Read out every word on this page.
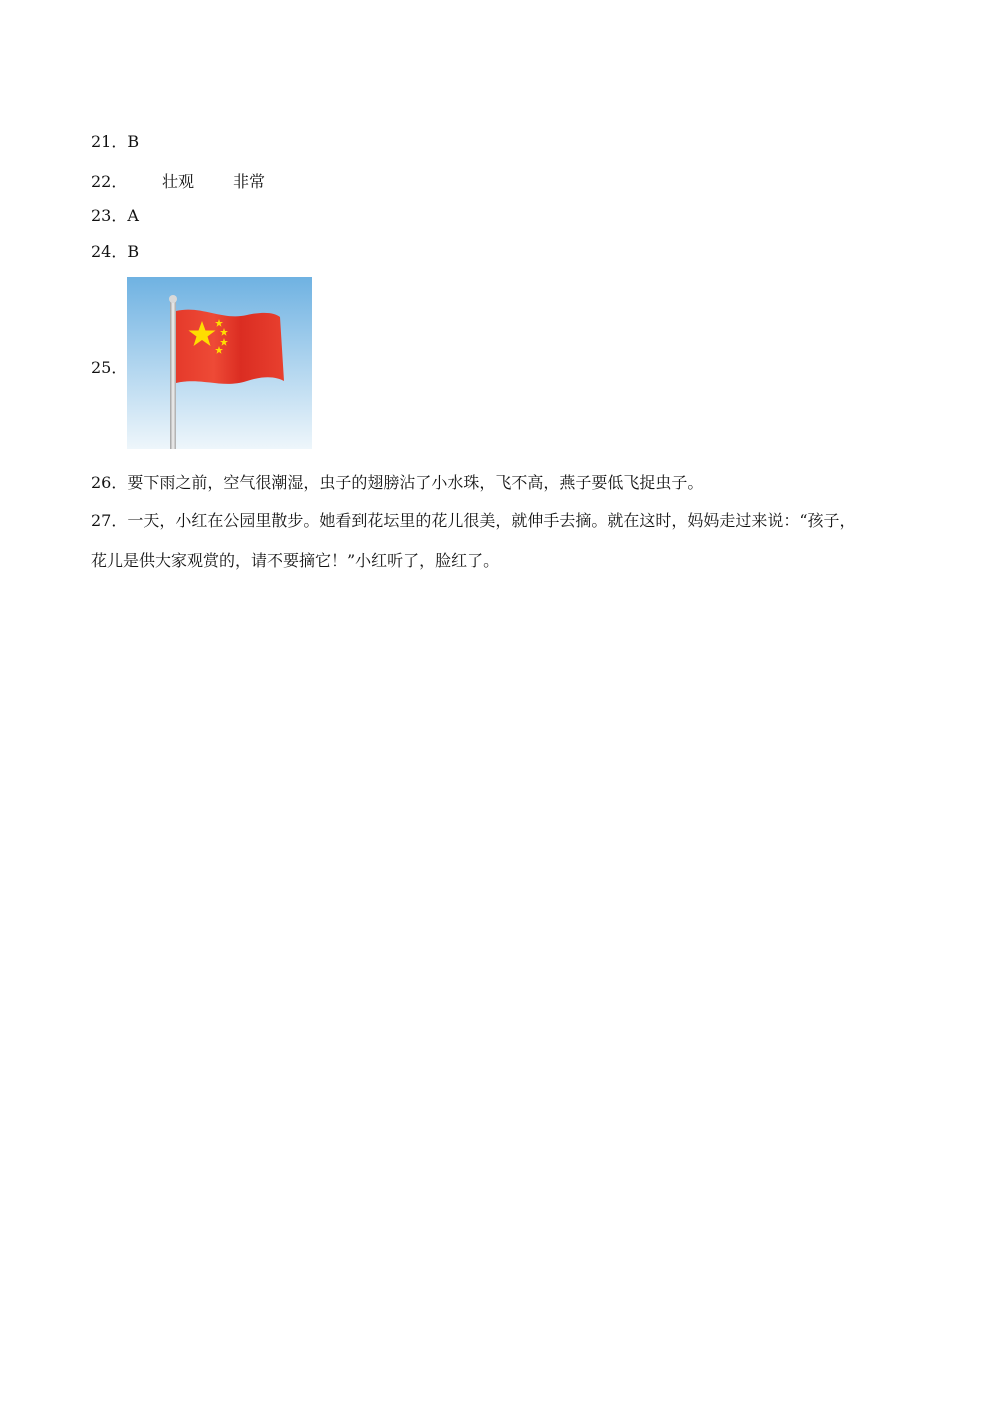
21．B
22． 壮观 非常
23．A
24．B
25．
26．要下雨之前，空气很潮湿，虫子的翅膀沾了小水珠，飞不高，燕子要低飞捉虫子。
27．一天，小红在公园里散步。她看到花坛里的花儿很美，就伸手去摘。就在这时，妈妈走过来说：“孩子，
花儿是供大家观赏的，请不要摘它！”小红听了，脸红了。
